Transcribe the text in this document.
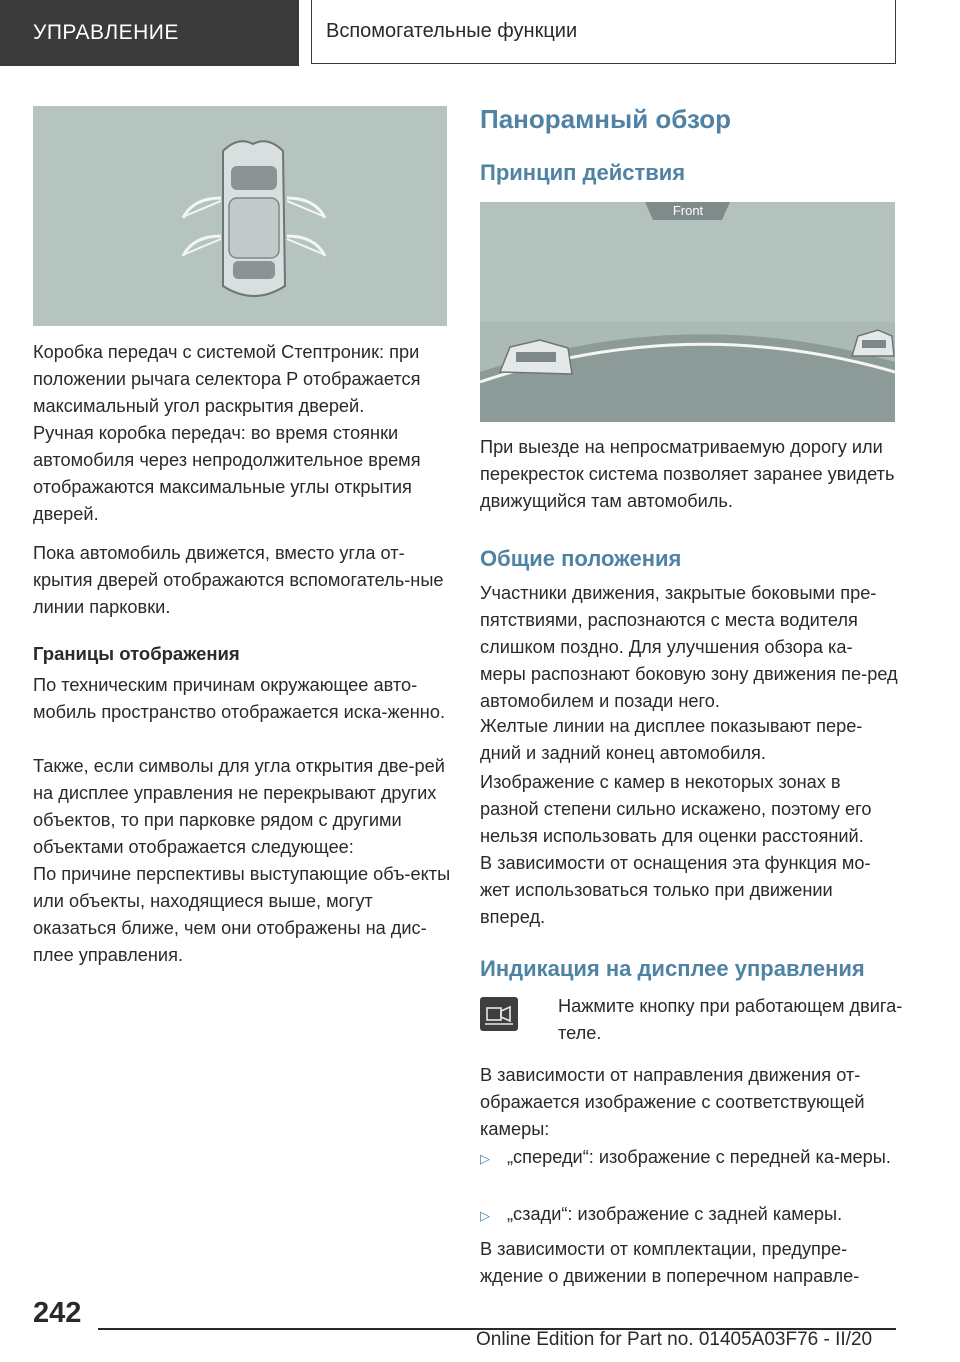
УПРАВЛЕНИЕ	Вспомогательные функции

Коробка передач с системой Стептроник: при положении рычага селектора P отображается максимальный угол раскрытия дверей.

Ручная коробка передач: во время стоянки автомобиля через непродолжительное время отображаются максимальные углы открытия дверей.

Пока автомобиль движется, вместо угла от-крытия дверей отображаются вспомогатель-ные линии парковки.

Границы отображения

По техническим причинам окружающее авто-мобиль пространство отображается иска-женно.

Также, если символы для угла открытия две-рей на дисплее управления не перекрывают других объектов, то при парковке рядом с другими объектами отображается следующее:

По причине перспективы выступающие объ-екты или объекты, находящиеся выше, могут оказаться ближе, чем они отображены на дис-плее управления.

Панорамный обзор
Принцип действия
Front

При выезде на непросматриваемую дорогу или перекресток система позволяет заранее увидеть движущийся там автомобиль.

Общие положения

Участники движения, закрытые боковыми пре-пятствиями, распознаются с места водителя слишком поздно. Для улучшения обзора ка-меры распознают боковую зону движения пе-ред автомобилем и позади него.

Желтые линии на дисплее показывают пере-дний и задний конец автомобиля.

Изображение с камер в некоторых зонах в разной степени сильно искажено, поэтому его нельзя использовать для оценки расстояний.

В зависимости от оснащения эта функция мо-жет использоваться только при движении вперед.

Индикация на дисплее управления

Нажмите кнопку при работающем двига-теле.

В зависимости от направления движения от-ображается изображение с соответствующей камеры:

▷ „спереди“: изображение с передней ка-меры.
▷ „сзади“: изображение с задней камеры.

В зависимости от комплектации, предупре-ждение о движении в поперечном направле-

242
Online Edition for Part no. 01405A03F76 - II/20
